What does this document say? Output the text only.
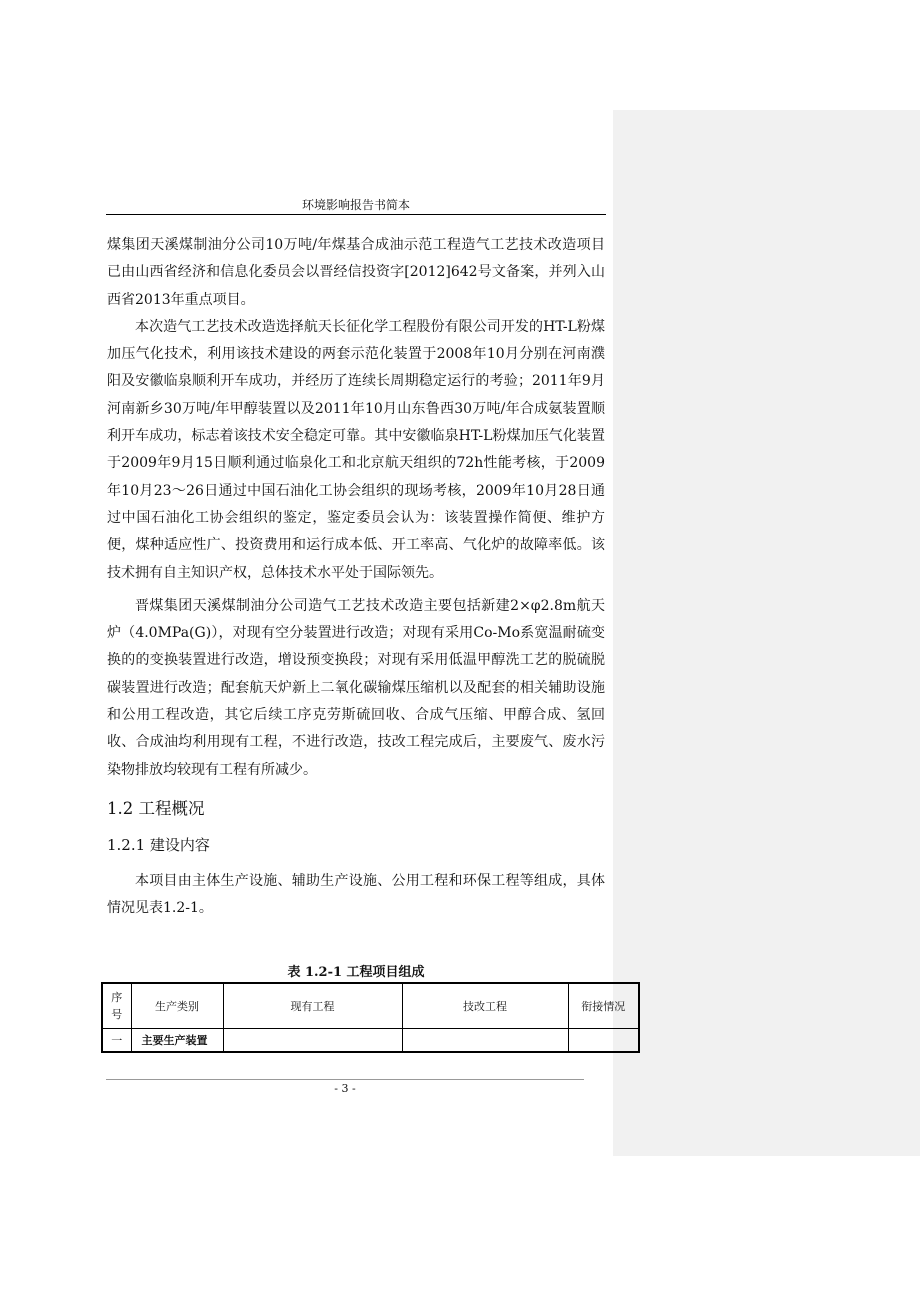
环境影响报告书简本

煤集团天溪煤制油分公司10万吨/年煤基合成油示范工程造气工艺技术改造项目已由山西省经济和信息化委员会以晋经信投资字[2012]642号文备案，并列入山西省2013年重点项目。

本次造气工艺技术改造选择航天长征化学工程股份有限公司开发的HT-L粉煤加压气化技术，利用该技术建设的两套示范化装置于2008年10月分别在河南濮阳及安徽临泉顺利开车成功，并经历了连续长周期稳定运行的考验；2011年9月河南新乡30万吨/年甲醇装置以及2011年10月山东鲁西30万吨/年合成氨装置顺利开车成功，标志着该技术安全稳定可靠。其中安徽临泉HT-L粉煤加压气化装置于2009年9月15日顺利通过临泉化工和北京航天组织的72h性能考核，于2009年10月23～26日通过中国石油化工协会组织的现场考核，2009年10月28日通过中国石油化工协会组织的鉴定，鉴定委员会认为：该装置操作简便、维护方便，煤种适应性广、投资费用和运行成本低、开工率高、气化炉的故障率低。该技术拥有自主知识产权，总体技术水平处于国际领先。

晋煤集团天溪煤制油分公司造气工艺技术改造主要包括新建2×φ2.8m航天炉（4.0MPa(G)），对现有空分装置进行改造；对现有采用Co-Mo系宽温耐硫变换的的变换装置进行改造，增设预变换段；对现有采用低温甲醇洗工艺的脱硫脱碳装置进行改造；配套航天炉新上二氧化碳输煤压缩机以及配套的相关辅助设施和公用工程改造，其它后续工序克劳斯硫回收、合成气压缩、甲醇合成、氢回收、合成油均利用现有工程，不进行改造，技改工程完成后，主要废气、废水污染物排放均较现有工程有所减少。

1.2 工程概况
1.2.1 建设内容

本项目由主体生产设施、辅助生产设施、公用工程和环保工程等组成，具体情况见表1.2-1。

表 1.2-1 工程项目组成
序
号	生产类别	现有工程	技改工程	衔接情况
一	主要生产装置			
- 3 -
